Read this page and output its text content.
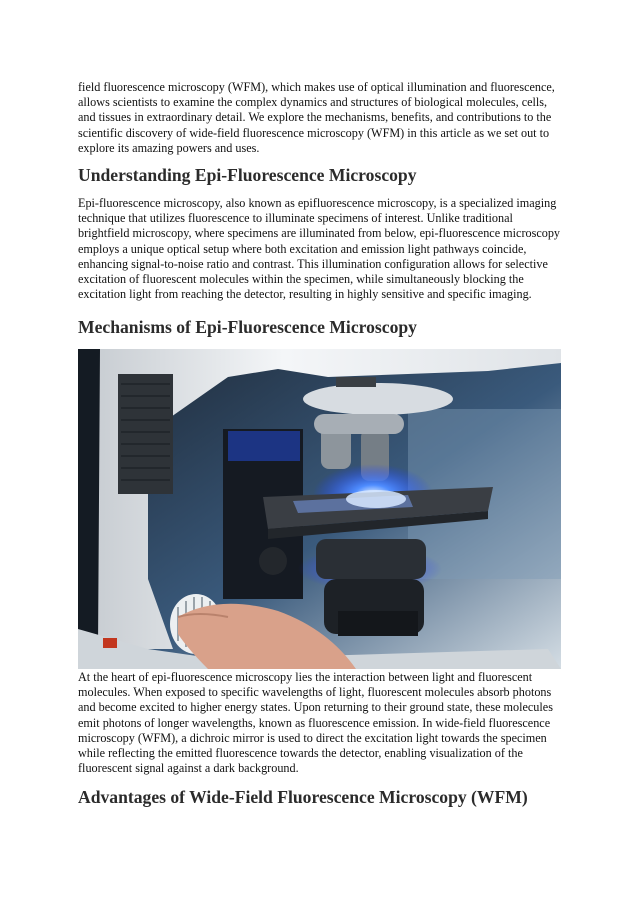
field fluorescence microscopy (WFM), which makes use of optical illumination and fluorescence, allows scientists to examine the complex dynamics and structures of biological molecules, cells, and tissues in extraordinary detail. We explore the mechanisms, benefits, and contributions to the scientific discovery of wide-field fluorescence microscopy (WFM) in this article as we set out to explore its amazing powers and uses.

Understanding Epi-Fluorescence Microscopy

Epi-fluorescence microscopy, also known as epifluorescence microscopy, is a specialized imaging technique that utilizes fluorescence to illuminate specimens of interest. Unlike traditional brightfield microscopy, where specimens are illuminated from below, epi-fluorescence microscopy employs a unique optical setup where both excitation and emission light pathways coincide, enhancing signal-to-noise ratio and contrast. This illumination configuration allows for selective excitation of fluorescent molecules within the specimen, while simultaneously blocking the excitation light from reaching the detector, resulting in highly sensitive and specific imaging.

Mechanisms of Epi-Fluorescence Microscopy

At the heart of epi-fluorescence microscopy lies the interaction between light and fluorescent molecules. When exposed to specific wavelengths of light, fluorescent molecules absorb photons and become excited to higher energy states. Upon returning to their ground state, these molecules emit photons of longer wavelengths, known as fluorescence emission. In wide-field fluorescence microscopy (WFM), a dichroic mirror is used to direct the excitation light towards the specimen while reflecting the emitted fluorescence towards the detector, enabling visualization of the fluorescent signal against a dark background.

Advantages of Wide-Field Fluorescence Microscopy (WFM)
